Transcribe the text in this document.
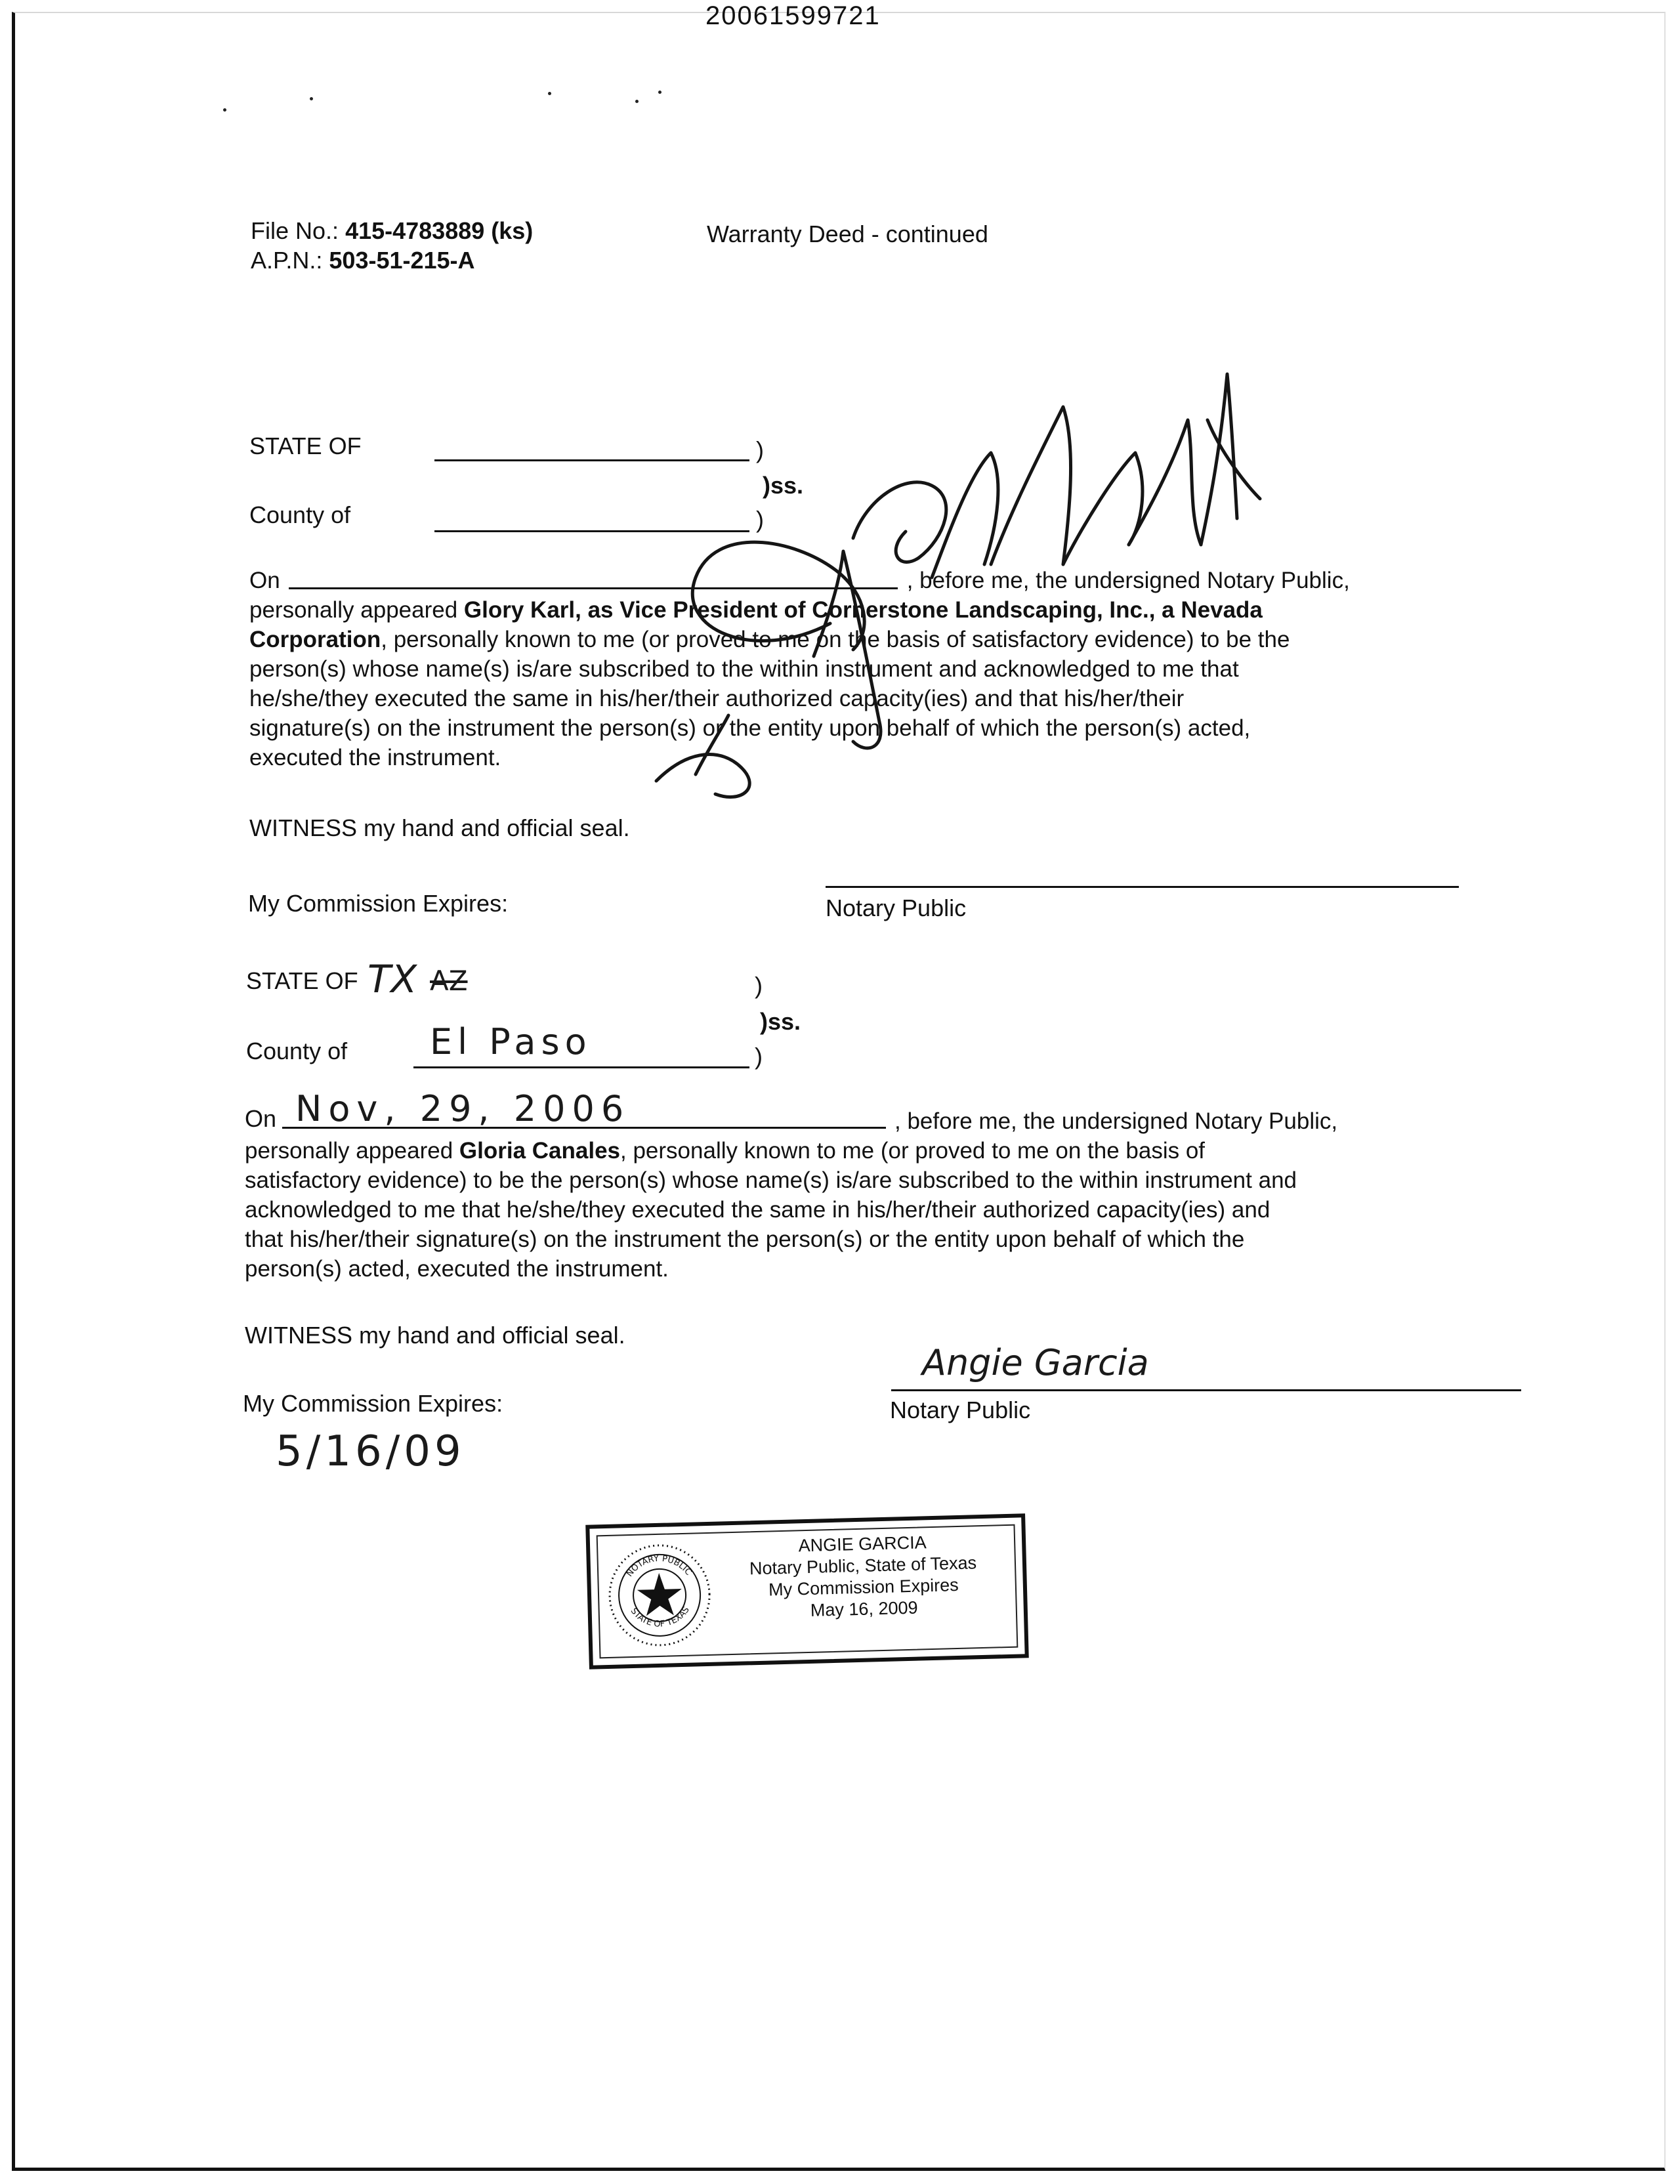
20061599721
File No.: 415-4783889 (ks)
A.P.N.: 503-51-215-A
Warranty Deed - continued
STATE OF	)
)ss.
County of	)
On	, before me, the undersigned Notary Public,
personally appeared Glory Karl, as Vice President of Cornerstone Landscaping, Inc., a Nevada
Corporation, personally known to me (or proved to me on the basis of satisfactory evidence) to be the
person(s) whose name(s) is/are subscribed to the within instrument and acknowledged to me that
he/she/they executed the same in his/her/their authorized capacity(ies) and that his/her/their
signature(s) on the instrument the person(s) or the entity upon behalf of which the person(s) acted,
executed the instrument.
WITNESS my hand and official seal.
My Commission Expires:	Notary Public
STATE OF TX AZ	)
)ss.
County of El Paso	)
On Nov, 29, 2006	, before me, the undersigned Notary Public,
personally appeared Gloria Canales, personally known to me (or proved to me on the basis of
satisfactory evidence) to be the person(s) whose name(s) is/are subscribed to the within instrument and
acknowledged to me that he/she/they executed the same in his/her/their authorized capacity(ies) and
that his/her/their signature(s) on the instrument the person(s) or the entity upon behalf of which the
person(s) acted, executed the instrument.
WITNESS my hand and official seal.
Angie Garcia
My Commission Expires:	Notary Public
5/16/09
NOTARY PUBLIC
STATE OF TEXAS
ANGIE GARCIA
Notary Public, State of Texas
My Commission Expires
May 16, 2009
